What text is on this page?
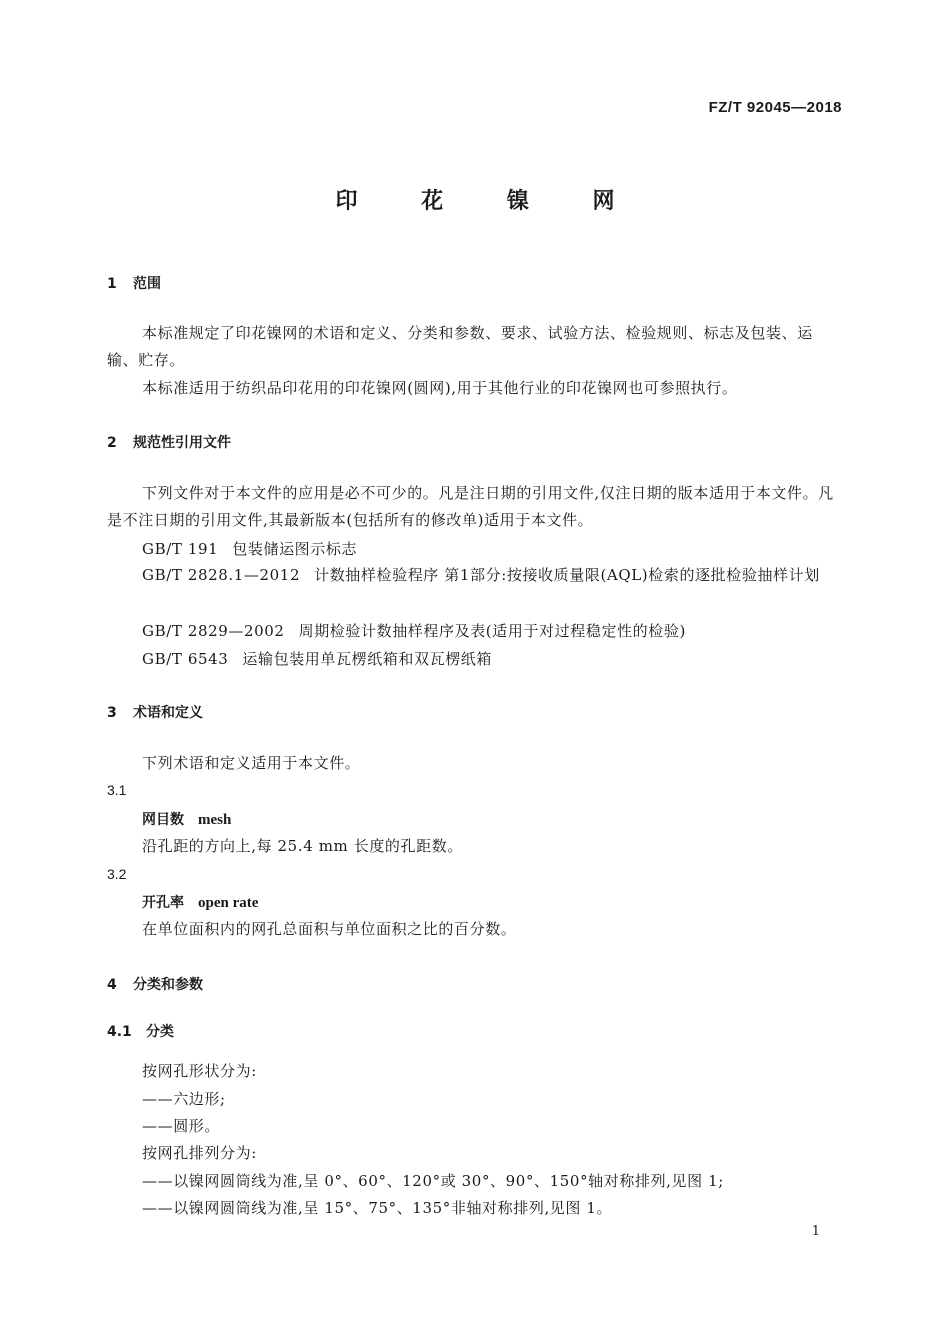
FZ/T 92045—2018
印 花 镍 网
1 范围
本标准规定了印花镍网的术语和定义、分类和参数、要求、试验方法、检验规则、标志及包装、运输、贮存。
本标准适用于纺织品印花用的印花镍网(圆网),用于其他行业的印花镍网也可参照执行。
2 规范性引用文件
下列文件对于本文件的应用是必不可少的。凡是注日期的引用文件,仅注日期的版本适用于本文件。凡是不注日期的引用文件,其最新版本(包括所有的修改单)适用于本文件。
GB/T 191 包装储运图示标志
GB/T 2828.1—2012 计数抽样检验程序 第1部分:按接收质量限(AQL)检索的逐批检验抽样计划
GB/T 2829—2002 周期检验计数抽样程序及表(适用于对过程稳定性的检验)
GB/T 6543 运输包装用单瓦楞纸箱和双瓦楞纸箱
3 术语和定义
下列术语和定义适用于本文件。
3.1
网目数 mesh
沿孔距的方向上,每 25.4 mm 长度的孔距数。
3.2
开孔率 open rate
在单位面积内的网孔总面积与单位面积之比的百分数。
4 分类和参数
4.1 分类
按网孔形状分为:
——六边形;
——圆形。
按网孔排列分为:
——以镍网圆筒线为准,呈 0°、60°、120°或 30°、90°、150°轴对称排列,见图 1;
——以镍网圆筒线为准,呈 15°、75°、135°非轴对称排列,见图 1。
1
